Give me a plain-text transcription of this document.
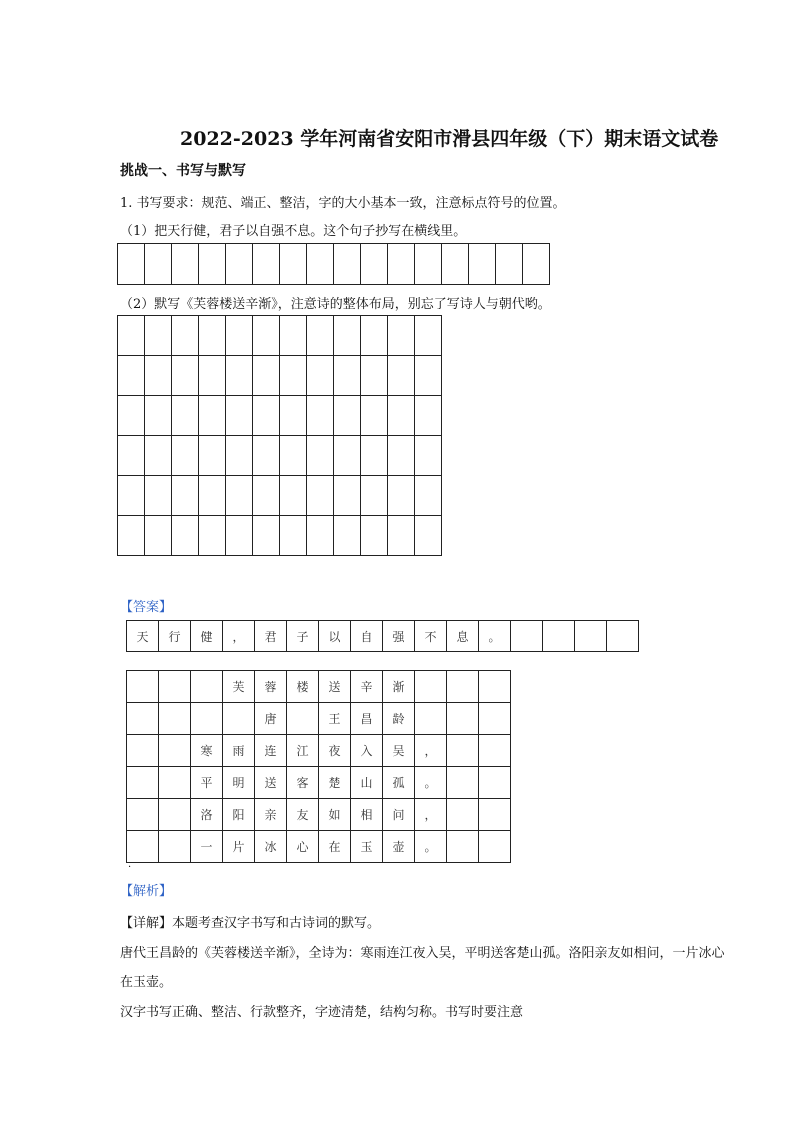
2022-2023 学年河南省安阳市滑县四年级（下）期末语文试卷
挑战一、书写与默写
1. 书写要求：规范、端正、整洁，字的大小基本一致，注意标点符号的位置。
（1）把天行健，君子以自强不息。这个句子抄写在横线里。

（2）默写《芙蓉楼送辛渐》，注意诗的整体布局，别忘了写诗人与朝代哟。

【答案】
天	行	健	，	君	子	以	自	强	不	息	。				
			芙	蓉	楼	送	辛	渐			
				唐		王	昌	龄			
		寒	雨	连	江	夜	入	吴	，		
		平	明	送	客	楚	山	孤	。		
		洛	阳	亲	友	如	相	问	，		
		一	片	冰	心	在	玉	壶	。		
·
【解析】
【详解】本题考查汉字书写和古诗词的默写。
唐代王昌龄的《芙蓉楼送辛渐》，全诗为：寒雨连江夜入吴，平明送客楚山孤。洛阳亲友如相问，一片冰心
在玉壶。
汉字书写正确、整洁、行款整齐，字迹清楚，结构匀称。书写时要注意
